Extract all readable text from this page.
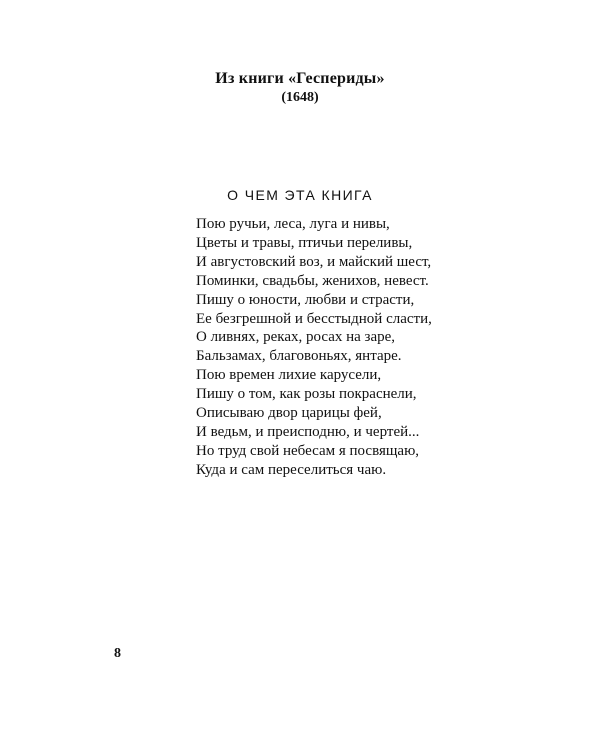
Из книги «Геспериды»
(1648)
О ЧЕМ ЭТА КНИГА
Пою ручьи, леса, луга и нивы,
Цветы и травы, птичьи переливы,
И августовский воз, и майский шест,
Поминки, свадьбы, женихов, невест.
Пишу о юности, любви и страсти,
Ее безгрешной и бесстыдной сласти,
О ливнях, реках, росах на заре,
Бальзамах, благовоньях, янтаре.
Пою времен лихие карусели,
Пишу о том, как розы покраснели,
Описываю двор царицы фей,
И ведьм, и преисподню, и чертей...
Но труд свой небесам я посвящаю,
Куда и сам переселиться чаю.
8
